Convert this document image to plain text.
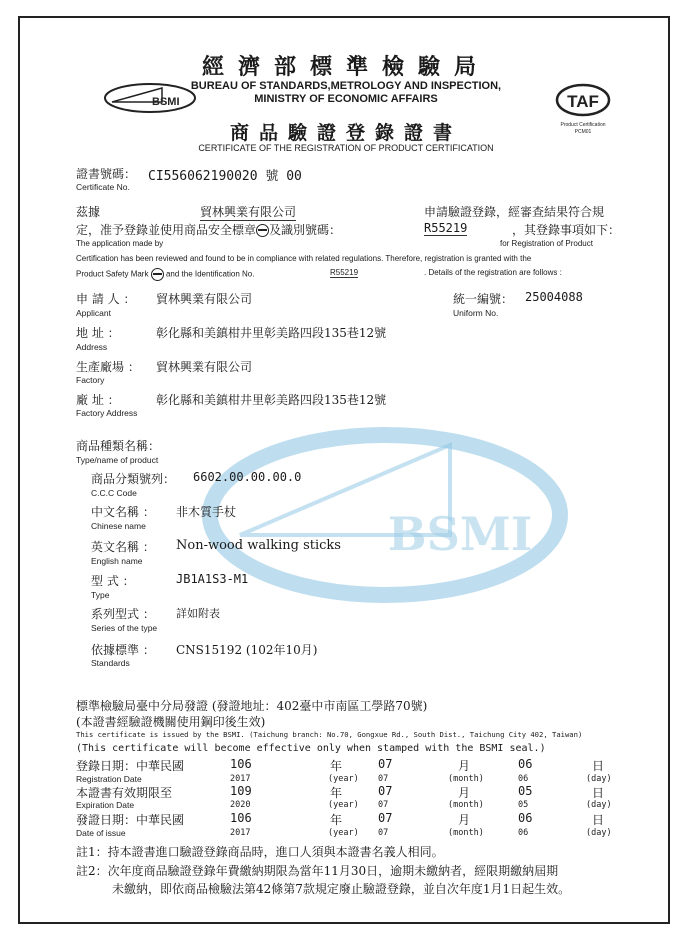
BSMI	TAF
Product Certification
PCM01
經濟部標準檢驗局
BUREAU OF STANDARDS,METROLOGY AND INSPECTION,
MINISTRY OF ECONOMIC AFFAIRS
商品驗證登錄證書
CERTIFICATE OF THE REGISTRATION OF PRODUCT CERTIFICATION
證書號碼： CI556062190020 號 00
Certificate No.
茲據	貿林興業有限公司	申請驗證登錄，經審查結果符合規
定，准予登錄並使用商品安全標章 及識別號碼：	R55219	，其登錄事項如下：
The application made by	for Registration of Product
Certification has been reviewed and found to be in compliance with related regulations. Therefore, registration is granted with the
Product Safety Mark and the Identification No.	R55219	. Details of the registration are follows :
申 請 人 ： 貿林興業有限公司
Applicant
統一編號： 25004088
Uniform No.
地 址 ：	彰化縣和美鎮柑井里彰美路四段135巷12號
Address
生產廠場 ： 貿林興業有限公司
Factory
廠 址 ：	彰化縣和美鎮柑井里彰美路四段135巷12號
Factory Address
BSMI
商品種類名稱：
Type/name of product
商品分類號列： 6602.00.00.00.0
C.C.C Code
中文名稱 ： 非木質手杖
Chinese name
英文名稱 ： Non-wood walking sticks
English name
型 式 ：	JB1A1S3-M1
Type
系列型式 ： 詳如附表
Series of the type
依據標準 ： CNS15192 (102年10月)
Standards
標準檢驗局臺中分局發證 (發證地址：402臺中市南區工學路70號)
(本證書經驗證機關使用鋼印後生效)
This certificate is issued by the BSMI. (Taichung branch: No.70, Gongxue Rd., South Dist., Taichung City 402, Taiwan)
(This certificate will become effective only when stamped with the BSMI seal.)
登錄日期：中華民國	106	年	07	月	06	日
Registration Date	2017	(year) 07	(month)	06	(day)
本證書有效期限至	109	年	07	月	05	日
Expiration Date	2020	(year) 07	(month)	05	(day)
發證日期：中華民國	106	年	07	月	06	日
Date of issue	2017	(year) 07	(month)	06	(day)
註1：持本證書進口驗證登錄商品時，進口人須與本證書名義人相同。
註2：次年度商品驗證登錄年費繳納期限為當年11月30日，逾期未繳納者，經限期繳納屆期
未繳納，即依商品檢驗法第42條第7款規定廢止驗證登錄，並自次年度1月1日起生效。
